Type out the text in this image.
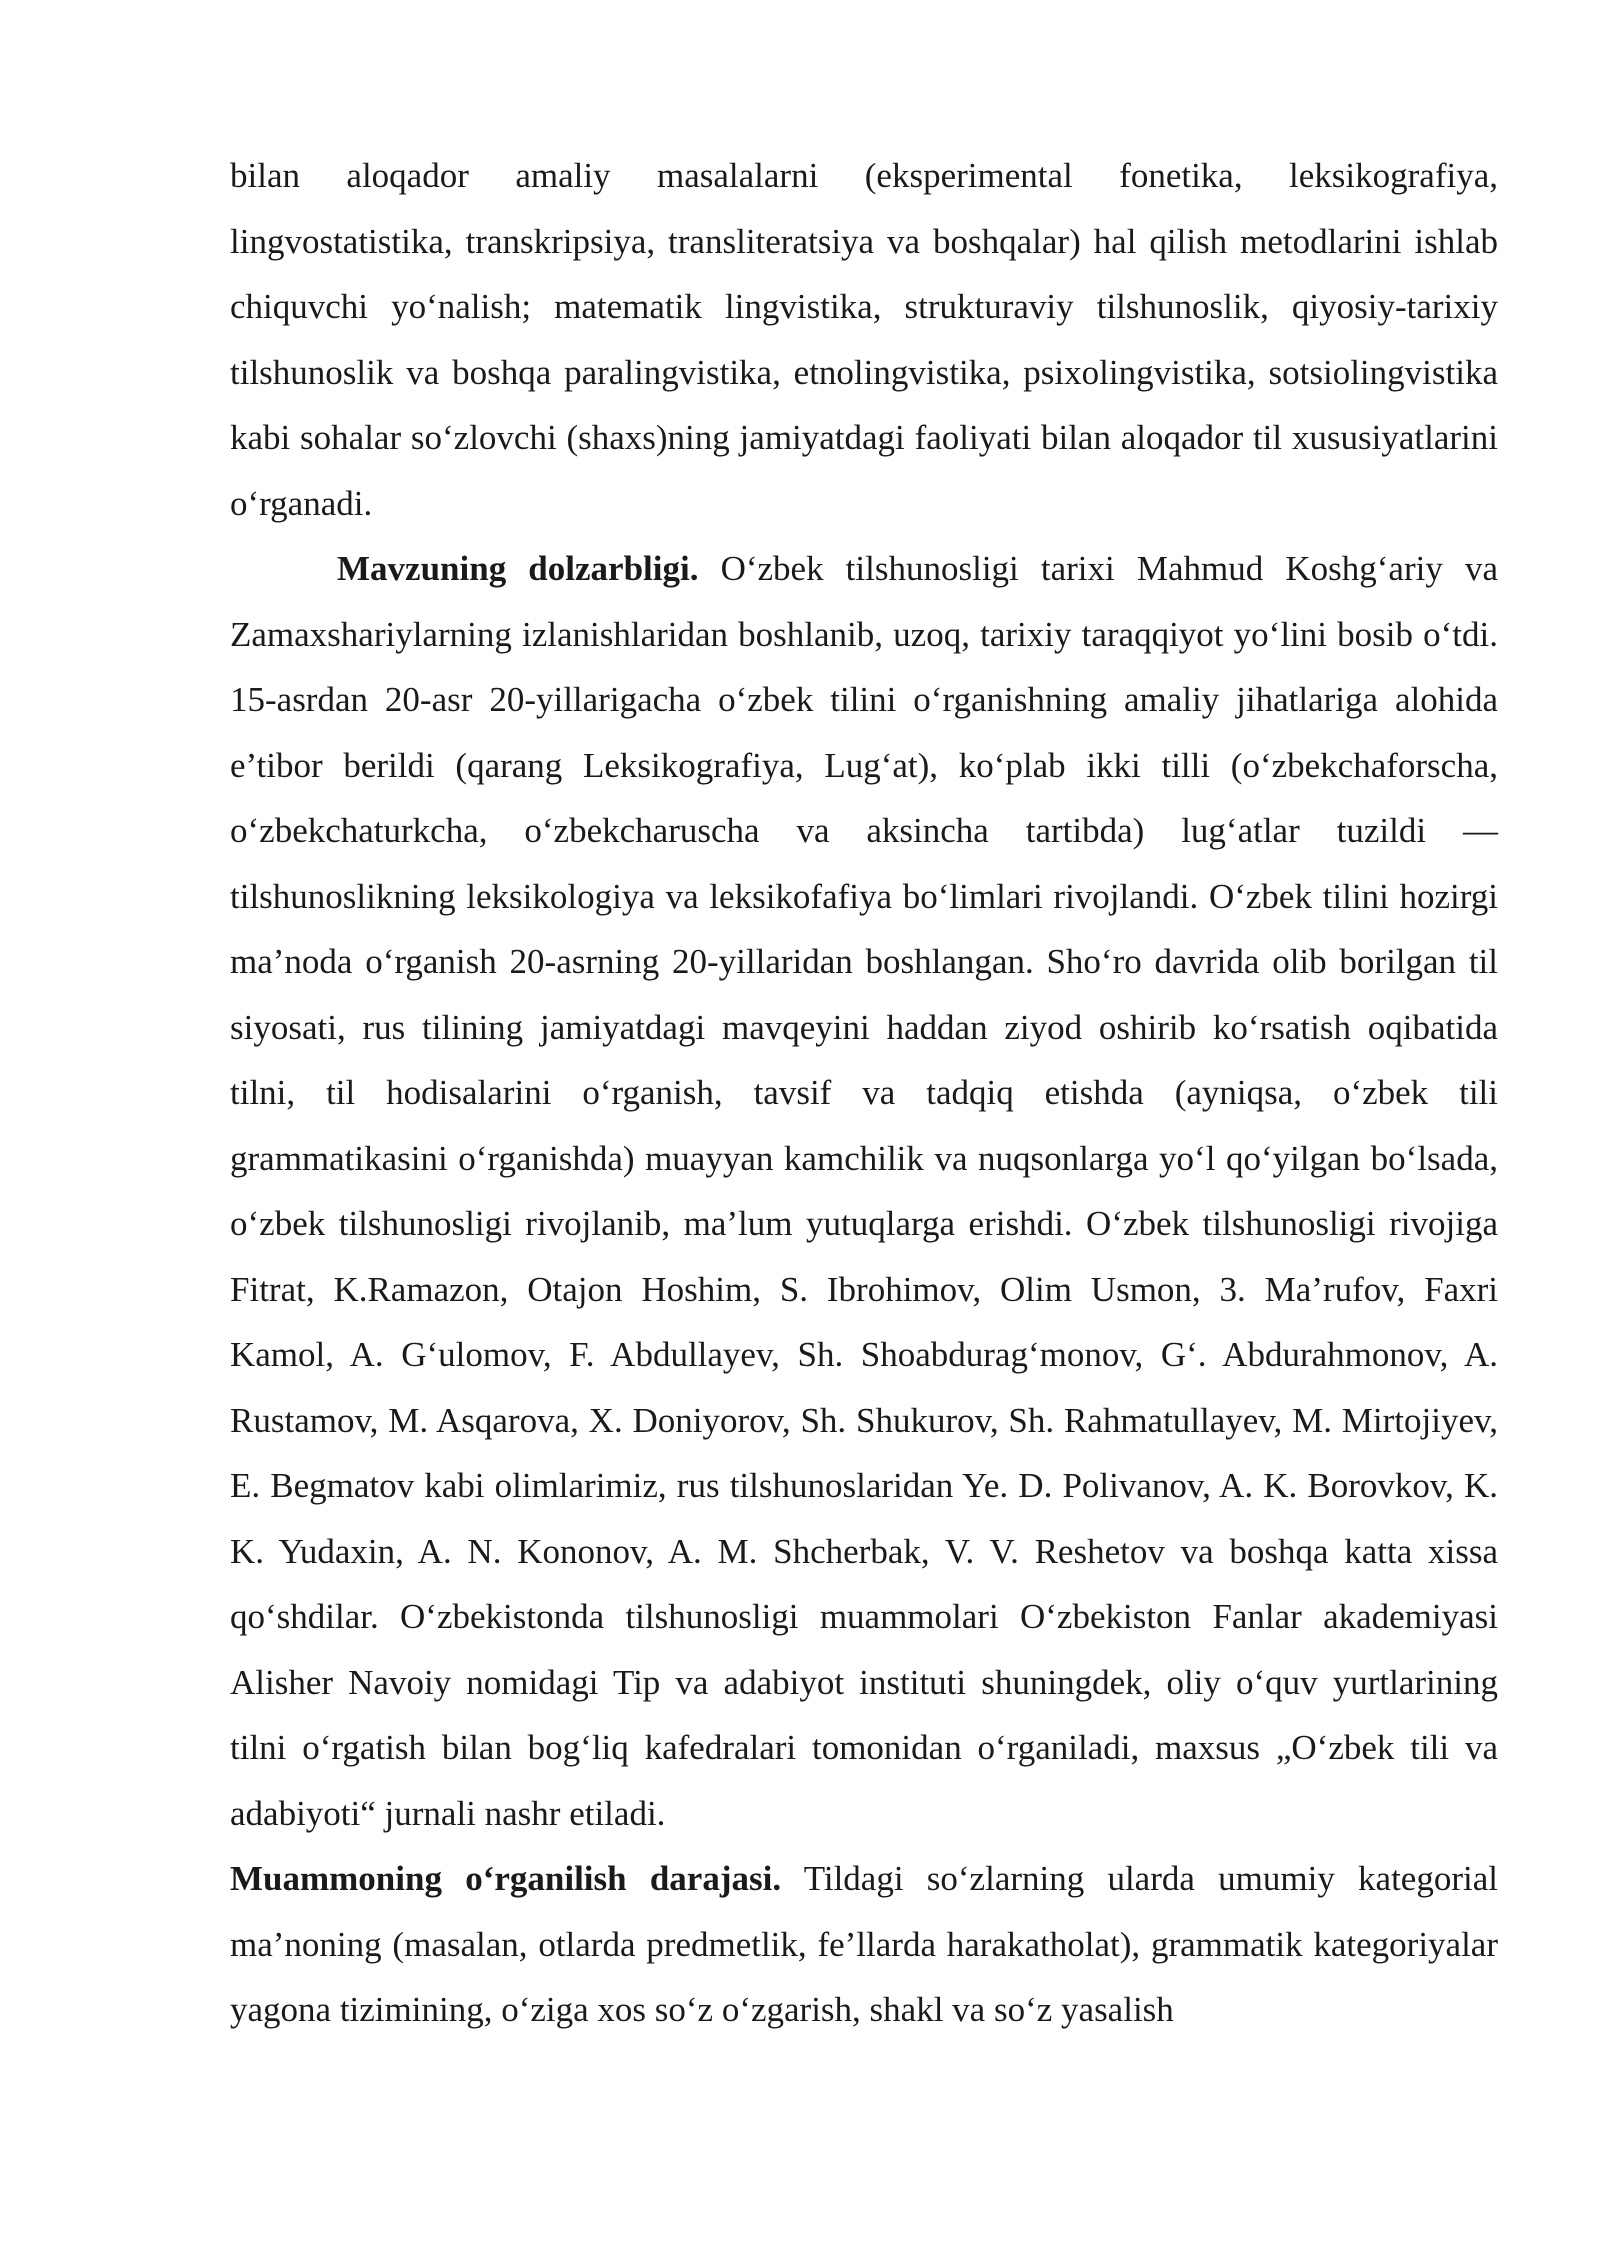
bilan aloqador amaliy masalalarni (eksperimental fonetika, leksikografiya, lingvostatistika, transkripsiya, transliteratsiya va boshqalar) hal qilish metodlarini ishlab chiquvchi yo‘nalish; matematik lingvistika, strukturaviy tilshunoslik, qiyosiy-tarixiy tilshunoslik va boshqa paralingvistika, etnolingvistika, psixolingvistika, sotsiolingvistika kabi sohalar so‘zlovchi (shaxs)ning jamiyatdagi faoliyati bilan aloqador til xususiyatlarini o‘rganadi.

Mavzuning dolzarbligi. O‘zbek tilshunosligi tarixi Mahmud Koshg‘ariy va Zamaxshariylarning izlanishlaridan boshlanib, uzoq, tarixiy taraqqiyot yo‘lini bosib o‘tdi. 15-asrdan 20-asr 20-yillarigacha o‘zbek tilini o‘rganishning amaliy jihatlariga alohida e’tibor berildi (qarang Leksikografiya, Lug‘at), ko‘plab ikki tilli (o‘zbekchaforscha, o‘zbekchaturkcha, o‘zbekcharuscha va aksincha tartibda) lug‘atlar tuzildi — tilshunoslikning leksikologiya va leksikofafiya bo‘limlari rivojlandi. O‘zbek tilini hozirgi ma’noda o‘rganish 20-asrning 20-yillaridan boshlangan. Sho‘ro davrida olib borilgan til siyosati, rus tilining jamiyatdagi mavqeyini haddan ziyod oshirib ko‘rsatish oqibatida tilni, til hodisalarini o‘rganish, tavsif va tadqiq etishda (ayniqsa, o‘zbek tili grammatikasini o‘rganishda) muayyan kamchilik va nuqsonlarga yo‘l qo‘yilgan bo‘lsada, o‘zbek tilshunosligi rivojlanib, ma’lum yutuqlarga erishdi. O‘zbek tilshunosligi rivojiga Fitrat, K.Ramazon, Otajon Hoshim, S. Ibrohimov, Olim Usmon, 3. Ma’rufov, Faxri Kamol, A. G‘ulomov, F. Abdullayev, Sh. Shoabdurag‘monov, G‘. Abdurahmonov, A. Rustamov, M. Asqarova, X. Doniyorov, Sh. Shukurov, Sh. Rahmatullayev, M. Mirtojiyev, E. Begmatov kabi olimlarimiz, rus tilshunoslaridan Ye. D. Polivanov, A. K. Borovkov, K. K. Yudaxin, A. N. Kononov, A. M. Shcherbak, V. V. Reshetov va boshqa katta xissa qo‘shdilar. O‘zbekistonda tilshunosligi muammolari O‘zbekiston Fanlar akademiyasi Alisher Navoiy nomidagi Tip va adabiyot instituti shuningdek, oliy o‘quv yurtlarining tilni o‘rgatish bilan bog‘liq kafedralari tomonidan o‘rganiladi, maxsus „O‘zbek tili va adabiyoti“ jurnali nashr etiladi.

Muammoning o‘rganilish darajasi. Tildagi so‘zlarning ularda umumiy kategorial ma’noning (masalan, otlarda predmetlik, fe’llarda harakatholat), grammatik kategoriyalar yagona tizimining, o‘ziga xos so‘z o‘zgarish, shakl va so‘z yasalish
